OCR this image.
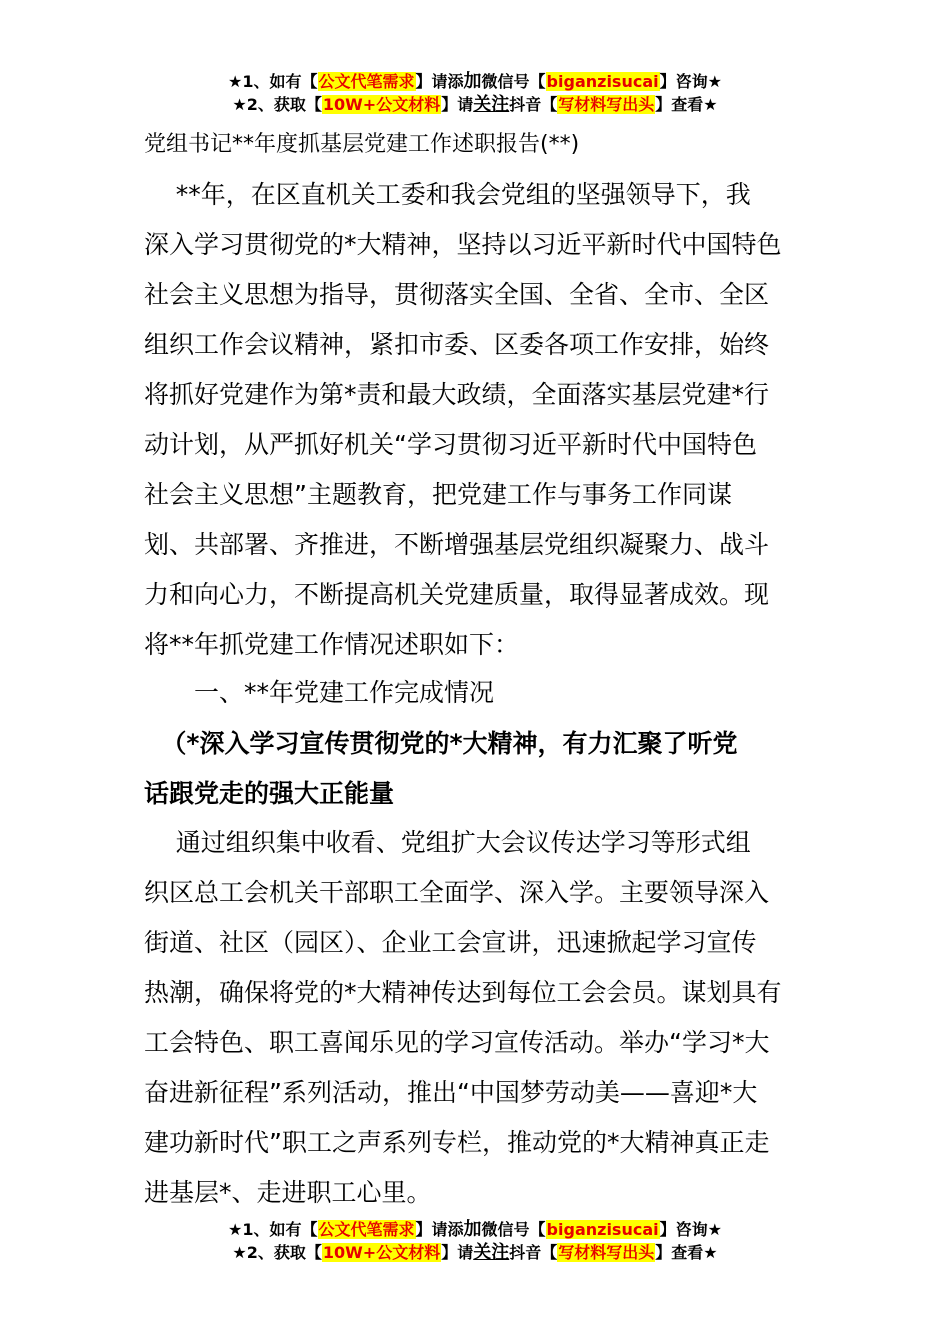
★1、如有【公文代笔需求】请添加微信号【biganzisucai】咨询★
★2、获取【10W+公文材料】请关注抖音【写材料写出头】查看★
党组书记**年度抓基层党建工作述职报告(**)
**年，在区直机关工委和我会党组的坚强领导下，我
深入学习贯彻党的*大精神，坚持以习近平新时代中国特色
社会主义思想为指导，贯彻落实全国、全省、全市、全区
组织工作会议精神，紧扣市委、区委各项工作安排，始终
将抓好党建作为第*责和最大政绩，全面落实基层党建*行
动计划，从严抓好机关“学习贯彻习近平新时代中国特色
社会主义思想”主题教育，把党建工作与事务工作同谋
划、共部署、齐推进，不断增强基层党组织凝聚力、战斗
力和向心力，不断提高机关党建质量，取得显著成效。现
将**年抓党建工作情况述职如下：
一、**年党建工作完成情况
（*深入学习宣传贯彻党的*大精神，有力汇聚了听党
话跟党走的强大正能量
通过组织集中收看、党组扩大会议传达学习等形式组
织区总工会机关干部职工全面学、深入学。主要领导深入
街道、社区（园区）、企业工会宣讲，迅速掀起学习宣传
热潮，确保将党的*大精神传达到每位工会会员。谋划具有
工会特色、职工喜闻乐见的学习宣传活动。举办“学习*大
奋进新征程”系列活动，推出“中国梦劳动美——喜迎*大
建功新时代”职工之声系列专栏，推动党的*大精神真正走
进基层*、走进职工心里。
★1、如有【公文代笔需求】请添加微信号【biganzisucai】咨询★
★2、获取【10W+公文材料】请关注抖音【写材料写出头】查看★
